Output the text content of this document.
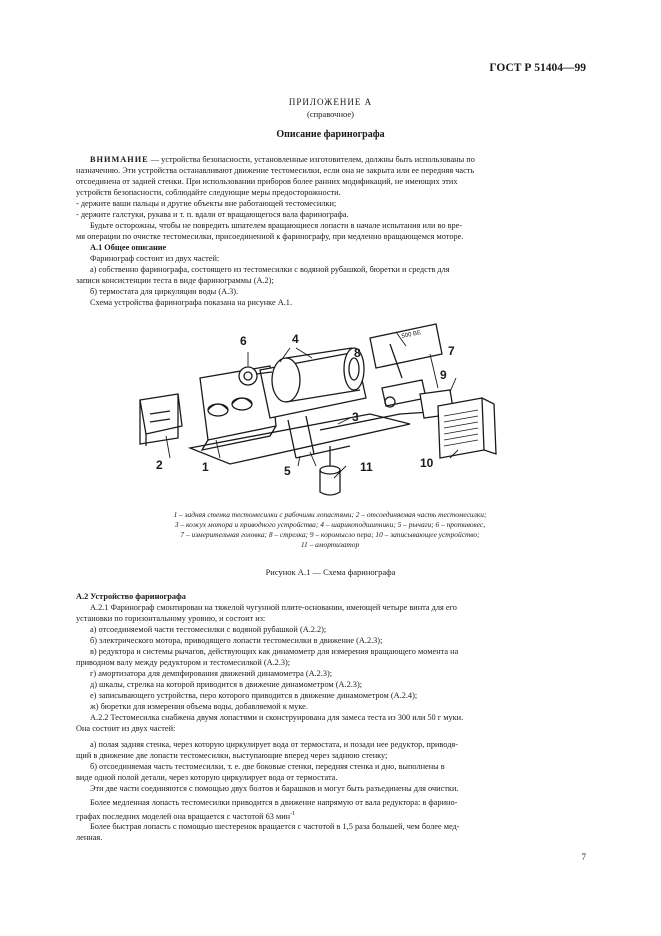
ГОСТ Р 51404—99
ПРИЛОЖЕНИЕ А
(справочное)
Описание фаринографа
ВНИМАНИЕ — устройства безопасности, установленные изготовителем, должны быть использованы по
назначению. Эти устройства останавливают движение тестомесилки, если она не закрыта или ее передняя часть
отсоединена от задней стенки. При использовании приборов более ранних модификаций, не имеющих этих
устройств безопасности, соблюдайте следующие меры предосторожности.
- держите ваши пальцы и другие объекты вне работающей тестомесилки;
- держите галстуки, рукава и т. п. вдали от вращающегося вала фаринографа.
Будьте осторожны, чтобы не повредить шпателем вращающиеся лопасти в начале испытания или во вре-
мя операции по очистке тестомесилки, присоединенной к фаринографу, при медленно вращающемся моторе.
А.1 Общее описание
Фаринограф состоит из двух частей:
а) собственно фаринографа, состоящего из тестомесилки с водяной рубашкой, бюретки и средств для
записи консистенции теста в виде фаринограммы (А.2);
б) термостата для циркуляции воды (А.3).
Схема устройства фаринографа показана на рисунке А.1.
500 ВЕ
2	1
3
4
5
6
7
8
9
10
11
1 – задняя стенка тестомесилки с рабочими лопастями; 2 – отсоединяемая часть тестомесилки;
3 – кожух мотора и приводного устройства; 4 – шарикоподшипники; 5 – рычаги; 6 – противовес,
7 – измерительная головка; 8 – стрелка; 9 – коромысло пера; 10 – записывающее устройство;
11 – амортизатор
Рисунок А.1 — Схема фаринографа
А.2 Устройство фаринографа
А.2.1 Фаринограф смонтирован на тяжелой чугунной плите-основании, имеющей четыре винта для его
установки по горизонтальному уровню, и состоит из:
а) отсоединяемой части тестомесилки с водяной рубашкой (А.2.2);
б) электрического мотора, приводящего лопасти тестомесилки в движение (А.2.3);
в) редуктора и системы рычагов, действующих как динамометр для измерения вращающего момента на
приводном валу между редуктором и тестомесилкой (А.2.3);
г) амортизатора для демпфирования движений динамометра (А.2.3);
д) шкалы, стрелка на которой приводится в движение динамометром (А.2.3);
е) записывающего устройства, перо которого приводится в движение динамометром (А.2.4);
ж) бюретки для измерения объема воды, добавляемой к муке.
А.2.2 Тестомесилка снабжена двумя лопастями и сконструирована для замеса теста из 300 или 50 г муки.
Она состоит из двух частей:
а) полая задняя стенка, через которую циркулирует вода от термостата, и позади нее редуктор, приводя-
щий в движение две лопасти тестомесилки, выступающие вперед через заднюю стенку;
б) отсоединяемая часть тестомесилки, т. е. две боковые стенки, передняя стенка и дно, выполнены в
виде одной полой детали, через которую циркулирует вода от термостата.
Эти две части соединяются с помощью двух болтов и барашков и могут быть разъединены для очистки.
Более медленная лопасть тестомесилки приводится в движение напрямую от вала редуктора: в фарино-
графах последних моделей она вращается с частотой 63 мин$^{-1}$
Более быстрая лопасть с помощью шестеренок вращается с частотой в 1,5 раза большей, чем более мед-
ленная.
7
